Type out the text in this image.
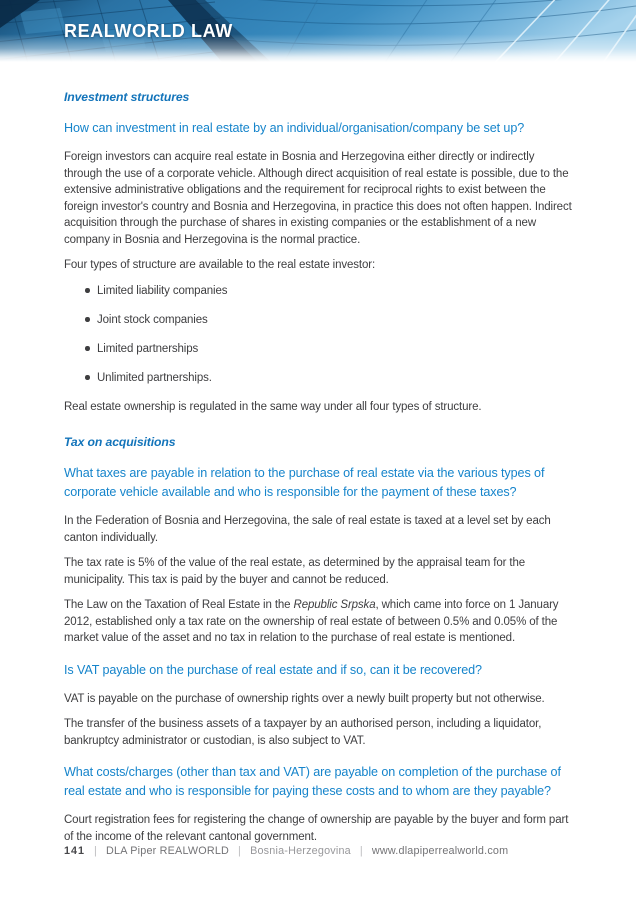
REALWORLD LAW
Investment structures
How can investment in real estate by an individual/organisation/company be set up?

Foreign investors can acquire real estate in Bosnia and Herzegovina either directly or indirectly through the use of a corporate vehicle. Although direct acquisition of real estate is possible, due to the extensive administrative obligations and the requirement for reciprocal rights to exist between the foreign investor's country and Bosnia and Herzegovina, in practice this does not often happen. Indirect acquisition through the purchase of shares in existing companies or the establishment of a new company in Bosnia and Herzegovina is the normal practice.

Four types of structure are available to the real estate investor:

Limited liability companies
Joint stock companies
Limited partnerships
Unlimited partnerships.

Real estate ownership is regulated in the same way under all four types of structure.

Tax on acquisitions
What taxes are payable in relation to the purchase of real estate via the various types of corporate vehicle available and who is responsible for the payment of these taxes?

In the Federation of Bosnia and Herzegovina, the sale of real estate is taxed at a level set by each canton individually.

The tax rate is 5% of the value of the real estate, as determined by the appraisal team for the municipality. This tax is paid by the buyer and cannot be reduced.

The Law on the Taxation of Real Estate in the Republic Srpska, which came into force on 1 January 2012, established only a tax rate on the ownership of real estate of between 0.5% and 0.05% of the market value of the asset and no tax in relation to the purchase of real estate is mentioned.

Is VAT payable on the purchase of real estate and if so, can it be recovered?

VAT is payable on the purchase of ownership rights over a newly built property but not otherwise.

The transfer of the business assets of a taxpayer by an authorised person, including a liquidator, bankruptcy administrator or custodian, is also subject to VAT.

What costs/charges (other than tax and VAT) are payable on completion of the purchase of real estate and who is responsible for paying these costs and to whom are they payable?

Court registration fees for registering the change of ownership are payable by the buyer and form part of the income of the relevant cantonal government.

141 | DLA Piper REALWORLD | Bosnia-Herzegovina | www.dlapiperrealworld.com
